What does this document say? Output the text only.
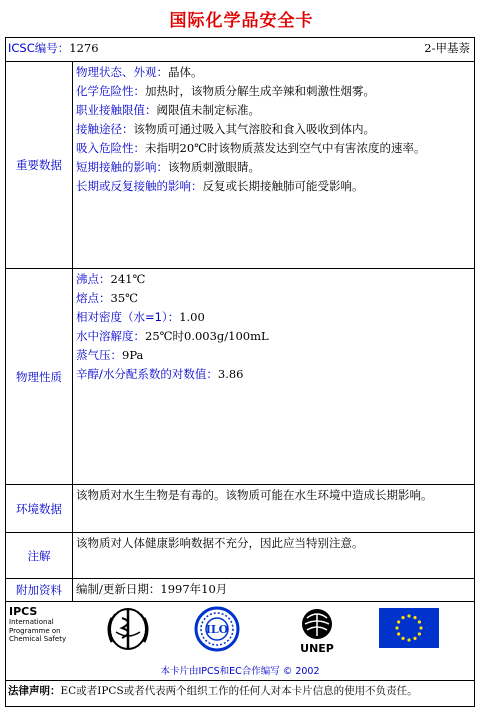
国际化学品安全卡
ICSC编号：1276	2-甲基萘
重要数据
物理状态、外观：晶体。
化学危险性：加热时，该物质分解生成辛辣和刺激性烟雾。
职业接触限值：阈限值未制定标准。
接触途径：该物质可通过吸入其气溶胶和食入吸收到体内。
吸入危险性：未指明20℃时该物质蒸发达到空气中有害浓度的速率。
短期接触的影响：该物质刺激眼睛。
长期或反复接触的影响：反复或长期接触肺可能受影响。
物理性质
沸点：241℃
熔点：35℃
相对密度（水=1）：1.00
水中溶解度：25℃时0.003g/100mL
蒸气压：9Pa
辛醇/水分配系数的对数值：3.86
环境数据
该物质对水生生物是有毒的。该物质可能在水生环境中造成长期影响。
注解
该物质对人体健康影响数据不充分，因此应当特别注意。
附加资料	编制/更新日期：1997年10月
IPCS
International
Programme on
Chemical Safety
ILO
UNEP
本卡片由IPCS和EC合作编写 © 2002
法律声明：EC或者IPCS或者代表两个组织工作的任何人对本卡片信息的使用不负责任。
